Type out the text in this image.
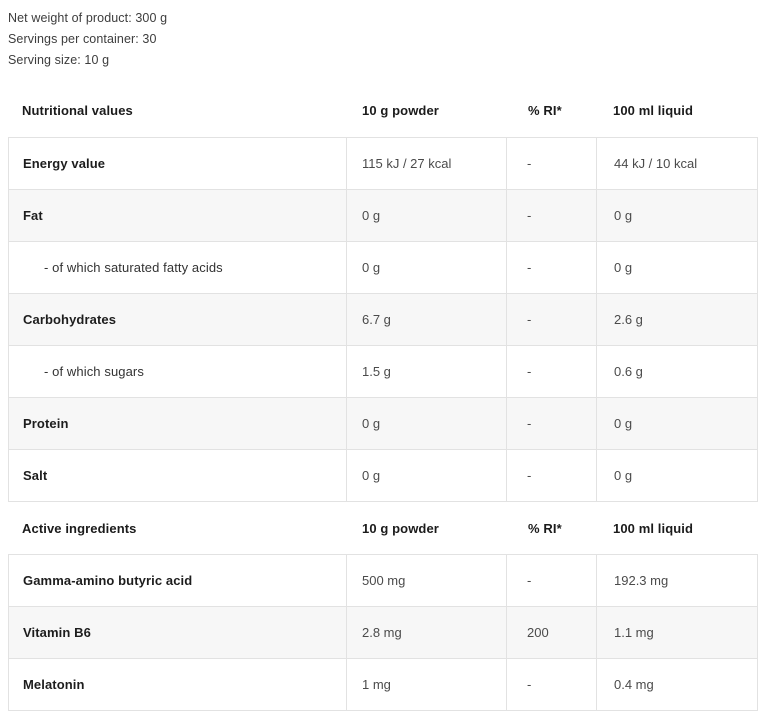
Net weight of product: 300 g
Servings per container: 30
Serving size: 10 g
Nutritional values	10 g powder	% RI*	100 ml liquid
Energy value	115 kJ / 27 kcal	-	44 kJ / 10 kcal
Fat	0 g	-	0 g
- of which saturated fatty acids	0 g	-	0 g
Carbohydrates	6.7 g	-	2.6 g
- of which sugars	1.5 g	-	0.6 g
Protein	0 g	-	0 g
Salt	0 g	-	0 g
Active ingredients	10 g powder	% RI*	100 ml liquid
Gamma-amino butyric acid	500 mg	-	192.3 mg
Vitamin B6	2.8 mg	200	1.1 mg
Melatonin	1 mg	-	0.4 mg
